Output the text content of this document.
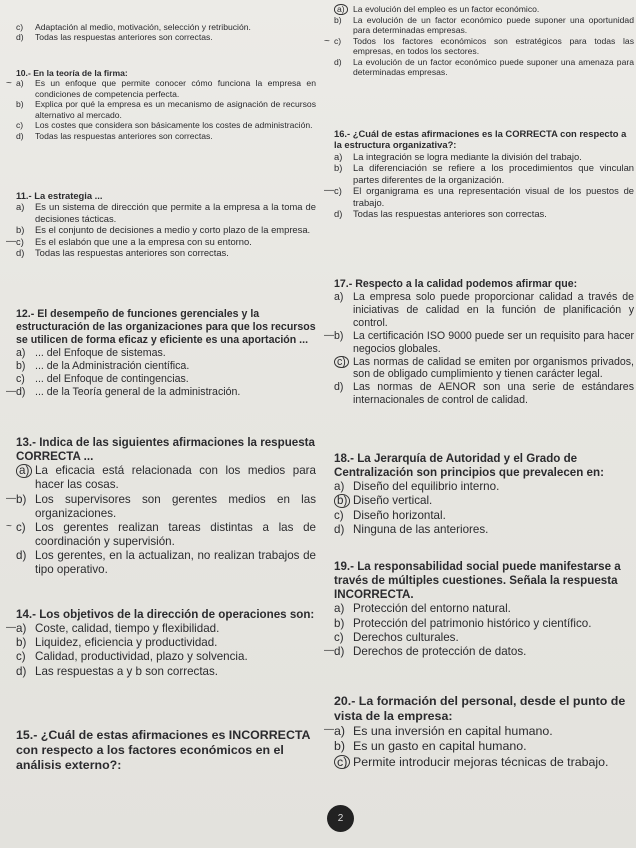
c)	Adaptación al medio, motivación, selección y retribución.
d)	Todas las respuestas anteriores son correctas.
10.- En la teoría de la firma:
~ a)	Es un enfoque que permite conocer cómo funciona la empresa en condiciones de competencia perfecta.
b)	Explica por qué la empresa es un mecanismo de asignación de recursos alternativo al mercado.
c)	Los costes que considera son básicamente los costes de administración.
d)	Todas las respuestas anteriores son correctas.
11.- La estrategia ...
a)	Es un sistema de dirección que permite a la empresa a la toma de decisiones tácticas.
b)	Es el conjunto de decisiones a medio y corto plazo de la empresa.
— c)	Es el eslabón que une a la empresa con su entorno.
d)	Todas las respuestas anteriores son correctas.
12.- El desempeño de funciones gerenciales y la estructuración de las organizaciones para que los recursos se utilicen de forma eficaz y eficiente es una aportación ...
a) ... del Enfoque de sistemas.
b) ... de la Administración científica.
c) ... del Enfoque de contingencias.
— d) ... de la Teoría general de la administración.
13.- Indica de las siguientes afirmaciones la respuesta CORRECTA ...
a) La eficacia está relacionada con los medios para hacer las cosas.
— b) Los supervisores son gerentes medios en las organizaciones.
~ c) Los gerentes realizan tareas distintas a las de coordinación y supervisión.
d) Los gerentes, en la actualizan, no realizan trabajos de tipo operativo.
14.- Los objetivos de la dirección de operaciones son:
— a) Coste, calidad, tiempo y flexibilidad.
b) Liquidez, eficiencia y productividad.
c) Calidad, productividad, plazo y solvencia.
d) Las respuestas a y b son correctas.
15.- ¿Cuál de estas afirmaciones es INCORRECTA con respecto a los factores económicos en el análisis externo?:
a) La evolución del empleo es un factor económico.
b)	La evolución de un factor económico puede suponer una oportunidad para determinadas empresas.
~ c)	Todos los factores económicos son estratégicos para todas las empresas, en todos los sectores.
d)	La evolución de un factor económico puede suponer una amenaza para determinadas empresas.
16.- ¿Cuál de estas afirmaciones es la CORRECTA con respecto a la estructura organizativa?:
a)	La integración se logra mediante la división del trabajo.
b)	La diferenciación se refiere a los procedimientos que vinculan partes diferentes de la organización.
— c)	El organigrama es una representación visual de los puestos de trabajo.
d)	Todas las respuestas anteriores son correctas.
17.- Respecto a la calidad podemos afirmar que:
a) La empresa solo puede proporcionar calidad a través de iniciativas de calidad en la función de planificación y control.
— b) La certificación ISO 9000 puede ser un requisito para hacer negocios globales.
c) Las normas de calidad se emiten por organismos privados, son de obligado cumplimiento y tienen carácter legal.
d) Las normas de AENOR son una serie de estándares internacionales de control de calidad.
18.- La Jerarquía de Autoridad y el Grado de Centralización son principios que prevalecen en:
a) Diseño del equilibrio interno.
b) Diseño vertical.
c) Diseño horizontal.
d) Ninguna de las anteriores.
19.- La responsabilidad social puede manifestarse a través de múltiples cuestiones. Señala la respuesta INCORRECTA.
a) Protección del entorno natural.
b) Protección del patrimonio histórico y científico.
c) Derechos culturales.
— d) Derechos de protección de datos.
20.- La formación del personal, desde el punto de vista de la empresa:
— a) Es una inversión en capital humano.
b) Es un gasto en capital humano.
c) Permite introducir mejoras técnicas de trabajo.
2
